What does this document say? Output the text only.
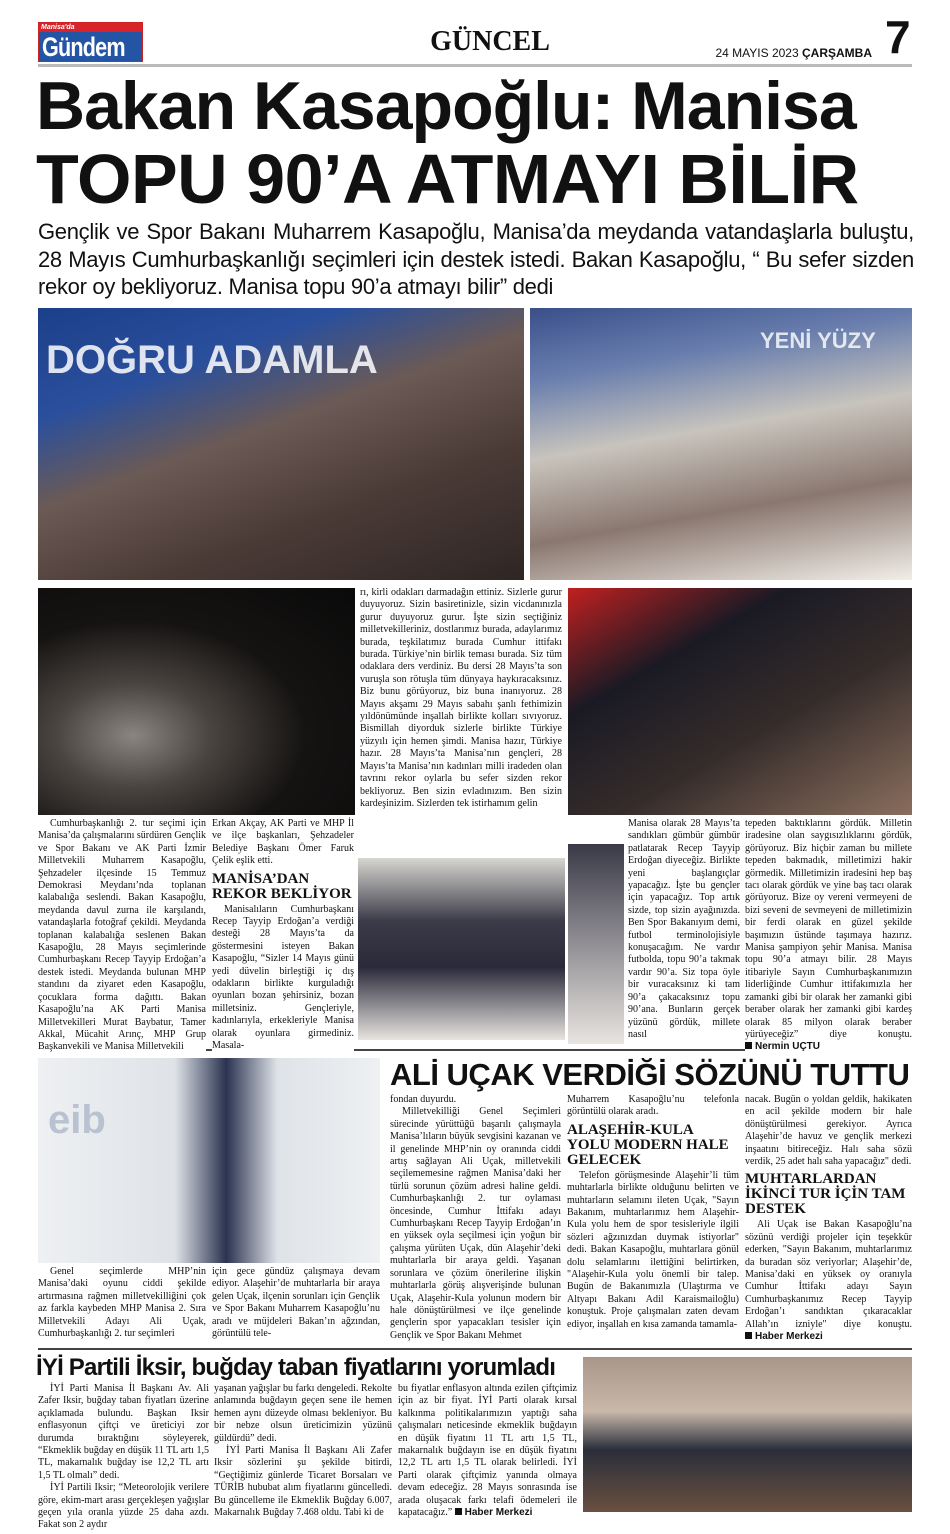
Manisa'da
Gündem	GÜNCEL	24 MAYIS 2023 ÇARŞAMBA 7
Bakan Kasapoğlu: Manisa
TOPU 90’A ATMAYI BİLİR
Gençlik ve Spor Bakanı Muharrem Kasapoğlu, Manisa’da meydanda vatandaşlarla buluştu, 28 Mayıs Cumhurbaşkanlığı seçimleri için destek istedi. Bakan Kasapoğlu, “ Bu sefer sizden rekor oy bekliyoruz. Manisa topu 90’a atmayı bilir” dedi
DOĞRU ADAMLA	YENİ YÜZY

rı, kirli odakları darmadağın ettiniz. Sizlerle gurur duyuyoruz. Sizin basiretinizle, sizin vicdanınızla gurur duyuyoruz gurur. İşte sizin seçtiğiniz milletvekilleriniz, dostlarımız burada, adaylarımız burada, teşkilatımız burada Cumhur ittifakı burada. Türkiye’nin birlik teması burada. Siz tüm odaklara ders verdiniz. Bu dersi 28 Mayıs’ta son vuruşla son rötuşla tüm dünyaya haykıracaksınız. Biz bunu görüyoruz, biz buna inanıyoruz. 28 Mayıs akşamı 29 Mayıs sabahı şanlı fethimizin yıldönümünde inşallah birlikte kolları sıvıyoruz. Bismillah diyorduk sizlerle birlikte Türkiye yüzyılı için hemen şimdi. Manisa hazır, Türkiye hazır. 28 Mayıs’ta Manisa’nın gençleri, 28 Mayıs’ta Manisa’nın kadınları milli iradeden olan tavrını rekor oylarla bu sefer sizden rekor bekliyoruz. Ben sizin evladınızım. Ben sizin kardeşinizim. Sizlerden tek istirhamım gelin

Cumhurbaşkanlığı 2. tur seçimi için Manisa’da çalışmalarını sürdüren Gençlik ve Spor Bakanı ve AK Parti İzmir Milletvekili Muharrem Kasapoğlu, Şehzadeler ilçesinde 15 Temmuz Demokrasi Meydanı’nda toplanan kalabalığa seslendi. Bakan Kasapoğlu, meydanda davul zurna ile karşılandı, vatandaşlarla fotoğraf çekildi. Meydanda toplanan kalabalığa seslenen Bakan Kasapoğlu, 28 Mayıs seçimlerinde Cumhurbaşkanı Recep Tayyip Erdoğan’a destek istedi. Meydanda bulunan MHP standını da ziyaret eden Kasapoğlu, çocuklara forma dağıttı. Bakan Kasapoğlu’na AK Parti Manisa Milletvekilleri Murat Baybatur, Tamer Akkal, Mücahit Arınç, MHP Grup Başkanvekili ve Manisa Milletvekili

Erkan Akçay, AK Parti ve MHP İl ve ilçe başkanları, Şehzadeler Belediye Başkanı Ömer Faruk Çelik eşlik etti.

MANİSA’DAN REKOR BEKLİYOR

Manisalıların Cumhurbaşkanı Recep Tayyip Erdoğan’a verdiği desteği 28 Mayıs’ta da göstermesini isteyen Bakan Kasapoğlu, “Sizler 14 Mayıs günü yedi düvelin birleştiği iç dış odakların birlikte kurguladığı oyunları bozan şehirsiniz, bozan milletsiniz. Gençleriyle, kadınlarıyla, erkekleriyle Manisa olarak oyunlara girmediniz. Masala-

Manisa olarak 28 Mayıs’ta sandıkları gümbür gümbür patlatarak Recep Tayyip Erdoğan diyeceğiz. Birlikte yeni başlangıçlar yapacağız. İşte bu gençler için yapacağız. Top artık sizde, top sizin ayağınızda. Ben Spor Bakanıyım demi, futbol terminolojisiyle konuşacağım. Ne vardır futbolda, topu 90’a takmak vardır 90’a. Siz topa öyle bir vuracaksınız ki tam 90’a çakacaksınız topu 90’ana. Bunların gerçek yüzünü gördük, millete nasıl

tepeden baktıklarını gördük. Milletin iradesine olan saygısızlıklarını gördük, görüyoruz. Biz hiçbir zaman bu millete tepeden bakmadık, milletimizi hakir görmedik. Milletimizin iradesini hep baş tacı olarak gördük ve yine baş tacı olarak görüyoruz. Bize oy vereni vermeyeni de bizi seveni de sevmeyeni de milletimizin bir ferdi olarak en güzel şekilde başımızın üstünde taşımaya hazırız. Manisa şampiyon şehir Manisa. Manisa topu 90’a atmayı bilir. 28 Mayıs itibariyle Sayın Cumhurbaşkanımızın liderliğinde Cumhur ittifakımızla her zamanki gibi bir olarak her zamanki gibi beraber olarak her zamanki gibi kardeş olarak 85 milyon olarak beraber yürüyeceğiz” diye konuştu. Nermin UÇTU

eib
ALİ UÇAK VERDİĞİ SÖZÜNÜ TUTTU

Genel seçimlerde MHP’nin Manisa’daki oyunu ciddi şekilde artırmasına rağmen milletvekilliğini çok az farkla kaybeden MHP Manisa 2. Sıra Milletvekili Adayı Ali Uçak, Cumhurbaşkanlığı 2. tur seçimleri

için gece gündüz çalışmaya devam ediyor. Alaşehir’de muhtarlarla bir araya gelen Uçak, ilçenin sorunları için Gençlik ve Spor Bakanı Muharrem Kasapoğlu’nu aradı ve müjdeleri Bakan’ın ağzından, görüntülü tele-

fondan duyurdu.

Milletvekilliği Genel Seçimleri sürecinde yürüttüğü başarılı çalışmayla Manisa’lıların büyük sevgisini kazanan ve il genelinde MHP’nin oy oranında ciddi artış sağlayan Ali Uçak, milletvekili seçilememesine rağmen Manisa’daki her türlü sorunun çözüm adresi haline geldi. Cumhurbaşkanlığı 2. tur oylaması öncesinde, Cumhur İttifakı adayı Cumhurbaşkanı Recep Tayyip Erdoğan’ın en yüksek oyla seçilmesi için yoğun bir çalışma yürüten Uçak, dün Alaşehir’deki muhtarlarla bir araya geldi. Yaşanan sorunlara ve çözüm önerilerine ilişkin muhtarlarla görüş alışverişinde bulunan Uçak, Alaşehir-Kula yolunun modern bir hale dönüştürülmesi ve ilçe genelinde gençlerin spor yapacakları tesisler için Gençlik ve Spor Bakanı Mehmet

Muharrem Kasapoğlu’nu telefonla görüntülü olarak aradı.

ALAŞEHİR-KULA YOLU MODERN HALE GELECEK

Telefon görüşmesinde Alaşehir’li tüm muhtarlarla birlikte olduğunu belirten ve muhtarların selamını ileten Uçak, "Sayın Bakanım, muhtarlarımız hem Alaşehir-Kula yolu hem de spor tesisleriyle ilgili sözleri ağzınızdan duymak istiyorlar" dedi. Bakan Kasapoğlu, muhtarlara gönül dolu selamlarını ilettiğini belirtirken, "Alaşehir-Kula yolu önemli bir talep. Bugün de Bakanımızla (Ulaştırma ve Altyapı Bakanı Adil Karaismailoğlu) konuştuk. Proje çalışmaları zaten devam ediyor, inşallah en kısa zamanda tamamla-

nacak. Bugün o yoldan geldik, hakikaten en acil şekilde modern bir hale dönüştürülmesi gerekiyor. Ayrıca Alaşehir’de havuz ve gençlik merkezi inşaatını bitireceğiz. Halı saha sözü verdik, 25 adet halı saha yapacağız" dedi.

MUHTARLARDAN İKİNCİ TUR İÇİN TAM DESTEK

Ali Uçak ise Bakan Kasapoğlu’na sözünü verdiği projeler için teşekkür ederken, "Sayın Bakanım, muhtarlarımız da buradan söz veriyorlar; Alaşehir’de, Manisa’daki en yüksek oy oranıyla Cumhur İttifakı adayı Sayın Cumhurbaşkanımız Recep Tayyip Erdoğan’ı sandıktan çıkaracaklar Allah’ın izniyle" diye konuştu. Haber Merkezi

İYİ Partili İksir, buğday taban fiyatlarını yorumladı

İYİ Parti Manisa İl Başkanı Av. Ali Zafer Iksir, buğday taban fiyatları üzerine açıklamada bulundu. Başkan Iksir enflasyonun çiftçi ve üreticiyi zor durumda bıraktığını söyleyerek, “Ekmeklik buğday en düşük 11 TL artı 1,5 TL, makarnalık buğday ise 12,2 TL artı 1,5 TL olmalı” dedi.

İYİ Partili Iksir; “Meteorolojik verilere göre, ekim-mart arası gerçekleşen yağışlar geçen yıla oranla yüzde 25 daha azdı. Fakat son 2 aydır

yaşanan yağışlar bu farkı dengeledi. Rekolte anlamında buğdayın geçen sene ile hemen hemen aynı düzeyde olması bekleniyor. Bu bir nebze olsun üreticimizin yüzünü güldürdü” dedi.

İYİ Parti Manisa İl Başkanı Ali Zafer Iksir sözlerini şu şekilde bitirdi, “Geçtiğimiz günlerde Ticaret Borsaları ve TÜRİB hububat alım fiyatlarını güncelledi. Bu güncelleme ile Ekmeklik Buğday 6.007, Makarnalık Buğday 7.468 oldu. Tabi ki de

bu fiyatlar enflasyon altında ezilen çiftçimiz için az bir fiyat. İYİ Parti olarak kırsal kalkınma politikalarımızın yaptığı saha çalışmaları neticesinde ekmeklik buğdayın en düşük fiyatını 11 TL artı 1,5 TL, makarnalık buğdayın ise en düşük fiyatını 12,2 TL artı 1,5 TL olarak belirledi. İYİ Parti olarak çiftçimiz yanında olmaya devam edeceğiz. 28 Mayıs sonrasında ise arada oluşacak farkı telafi ödemeleri ile kapatacağız.” Haber Merkezi
